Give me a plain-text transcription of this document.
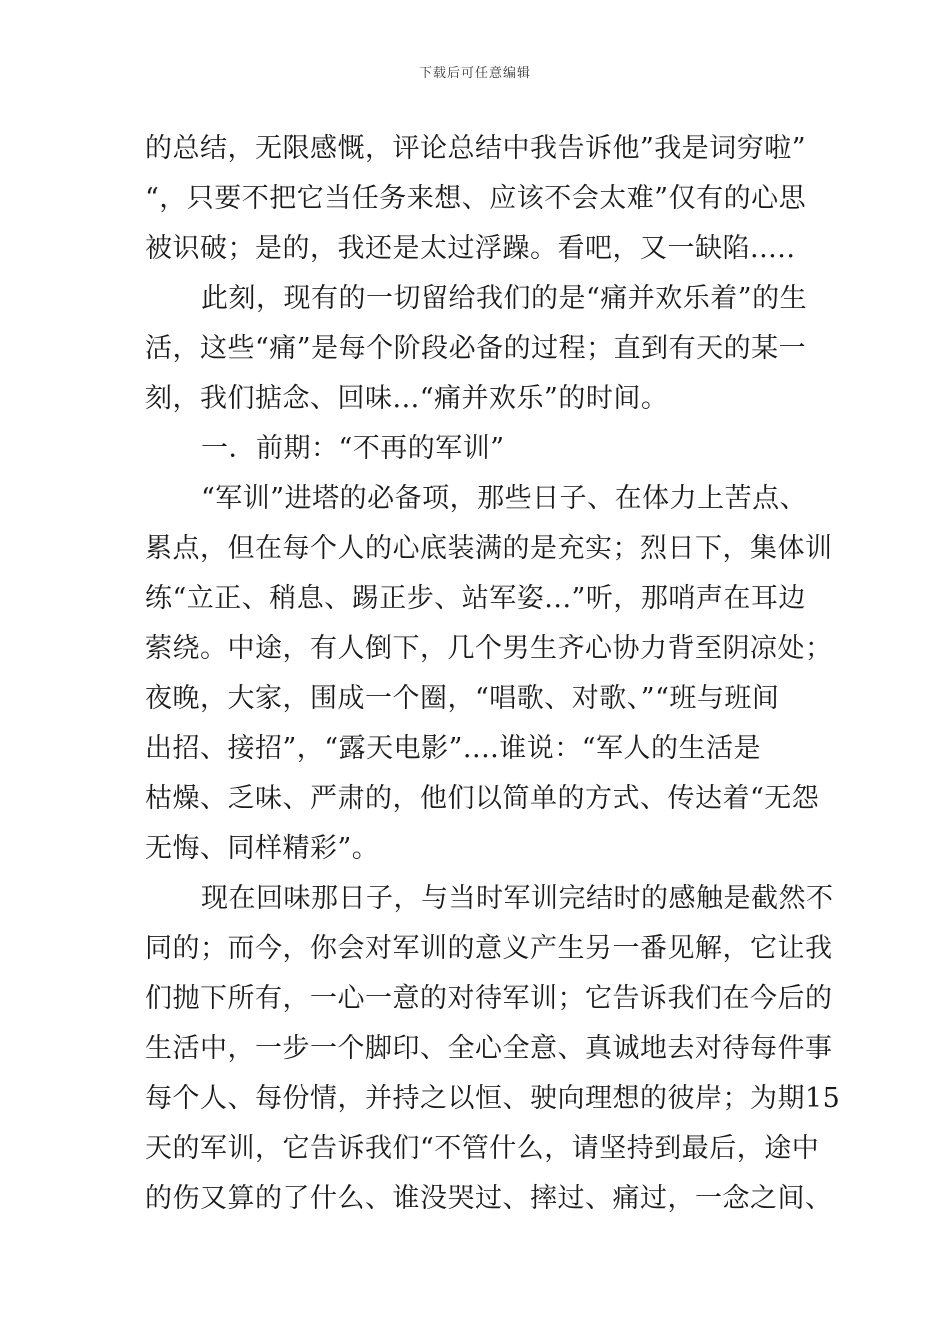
下载后可任意编辑
的总结，无限感慨，评论总结中我告诉他”我是词穷啦”
“，只要不把它当任务来想、应该不会太难”仅有的心思
被识破；是的，我还是太过浮躁。看吧，又一缺陷.....
此刻，现有的一切留给我们的是“痛并欢乐着”的生
活，这些“痛”是每个阶段必备的过程；直到有天的某一
刻，我们掂念、回味...“痛并欢乐”的时间。
一．前期：“不再的军训”
“军训”进塔的必备项，那些日子、在体力上苦点、
累点，但在每个人的心底装满的是充实；烈日下，集体训
练“立正、稍息、踢正步、站军姿...”听，那哨声在耳边
萦绕。中途，有人倒下，几个男生齐心协力背至阴凉处；
夜晚，大家，围成一个圈，“唱歌、对歌、”“班与班间
出招、接招”，“露天电影”....谁说：“军人的生活是
枯燥、乏味、严肃的，他们以简单的方式、传达着“无怨
无悔、同样精彩”。
现在回味那日子，与当时军训完结时的感触是截然不
同的；而今，你会对军训的意义产生另一番见解，它让我
们抛下所有，一心一意的对待军训；它告诉我们在今后的
生活中，一步一个脚印、全心全意、真诚地去对待每件事
每个人、每份情，并持之以恒、驶向理想的彼岸；为期15
天的军训，它告诉我们“不管什么，请坚持到最后，途中
的伤又算的了什么、谁没哭过、摔过、痛过，一念之间、
